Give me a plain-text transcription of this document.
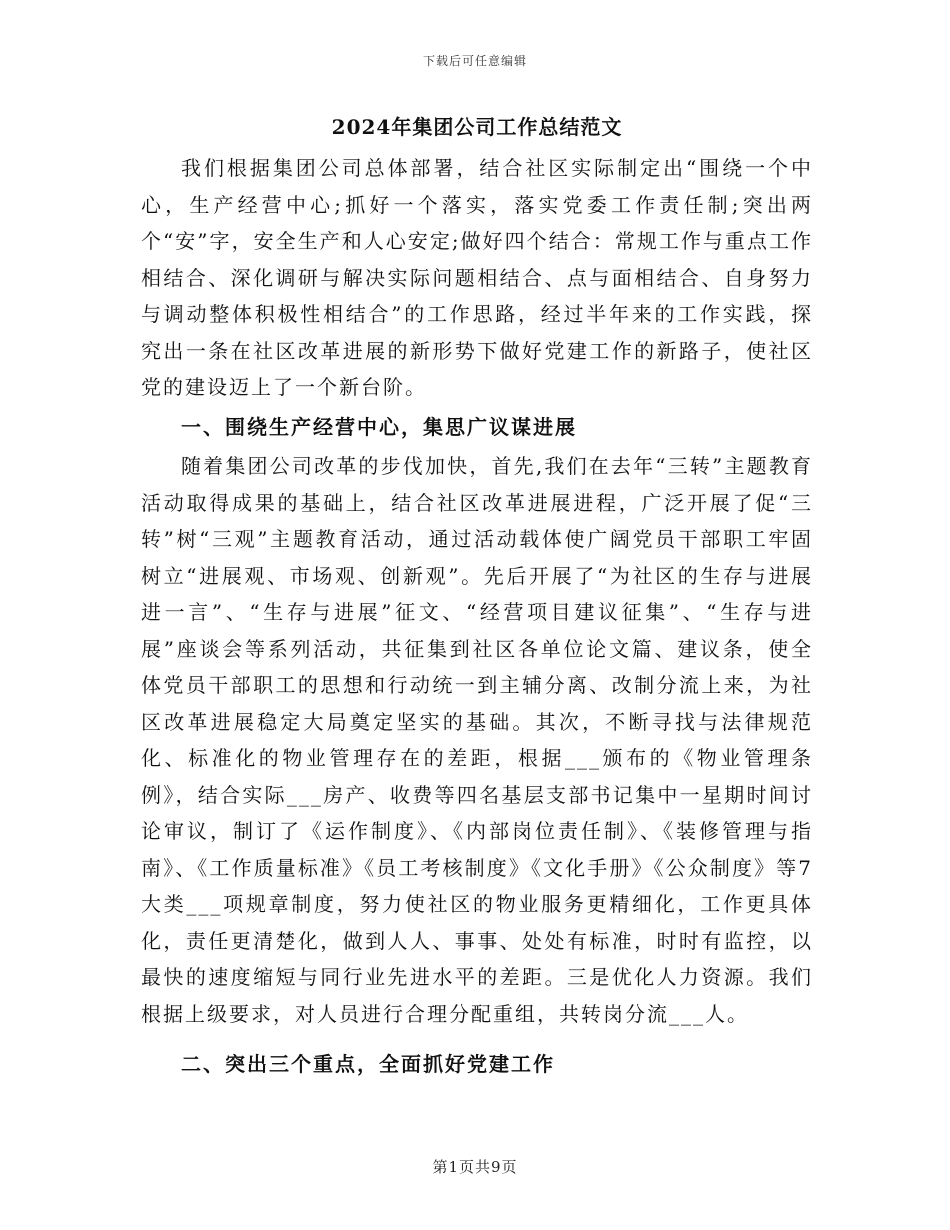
下载后可任意编辑
2024年集团公司工作总结范文

我们根据集团公司总体部署，结合社区实际制定出“围绕一个中心，生产经营中心;抓好一个落实，落实党委工作责任制;突出两个“安”字，安全生产和人心安定;做好四个结合：常规工作与重点工作相结合、深化调研与解决实际问题相结合、点与面相结合、自身努力与调动整体积极性相结合”的工作思路，经过半年来的工作实践，探究出一条在社区改革进展的新形势下做好党建工作的新路子，使社区党的建设迈上了一个新台阶。

一、围绕生产经营中心，集思广议谋进展

随着集团公司改革的步伐加快，首先,我们在去年“三转”主题教育活动取得成果的基础上，结合社区改革进展进程，广泛开展了促“三转”树“三观”主题教育活动，通过活动载体使广阔党员干部职工牢固树立“进展观、市场观、创新观”。先后开展了“为社区的生存与进展进一言”、“生存与进展”征文、“经营项目建议征集”、“生存与进展”座谈会等系列活动，共征集到社区各单位论文篇、建议条，使全体党员干部职工的思想和行动统一到主辅分离、改制分流上来，为社区改革进展稳定大局奠定坚实的基础。其次，不断寻找与法律规范化、标准化的物业管理存在的差距，根据___颁布的《物业管理条例》，结合实际___房产、收费等四名基层支部书记集中一星期时间讨论审议，制订了《运作制度》、《内部岗位责任制》、《装修管理与指南》、《工作质量标准》《员工考核制度》《文化手册》《公众制度》等7大类___项规章制度，努力使社区的物业服务更精细化，工作更具体化，责任更清楚化，做到人人、事事、处处有标准，时时有监控，以最快的速度缩短与同行业先进水平的差距。三是优化人力资源。我们根据上级要求，对人员进行合理分配重组，共转岗分流___人。

二、突出三个重点，全面抓好党建工作
第1页共9页
